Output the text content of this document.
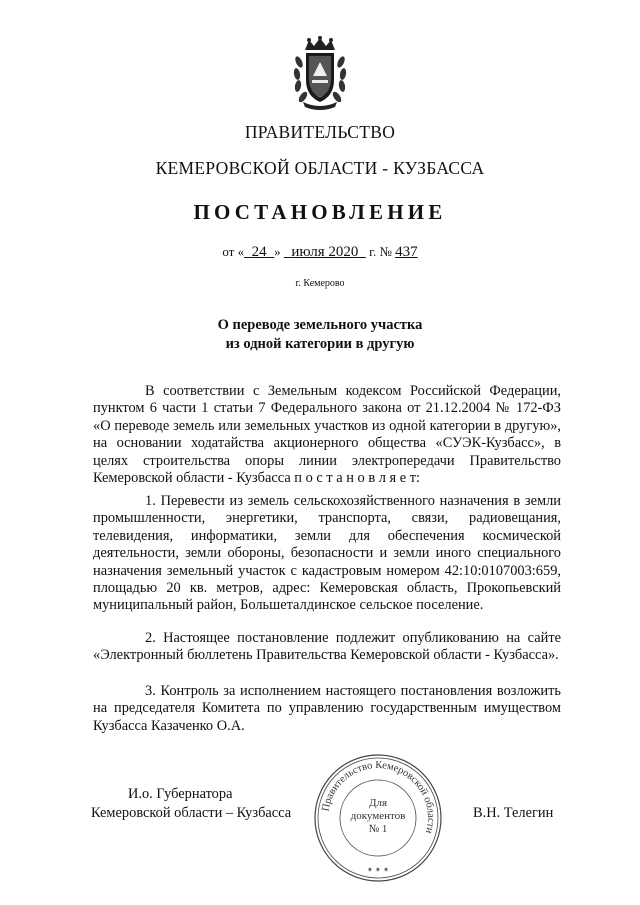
ПРАВИТЕЛЬСТВО
КЕМЕРОВСКОЙ ОБЛАСТИ - КУЗБАССА
ПОСТАНОВЛЕНИЕ
от « 24 » июля 2020 г. № 437
г. Кемерово
О переводе земельного участка
из одной категории в другую

В соответствии с Земельным кодексом Российской Федерации, пунктом 6 части 1 статьи 7 Федерального закона от 21.12.2004 № 172-ФЗ «О переводе земель или земельных участков из одной категории в другую», на основании ходатайства акционерного общества «СУЭК-Кузбасс», в целях строительства опоры линии электропередачи Правительство Кемеровской области - Кузбасса п о с т а н о в л я е т:

1. Перевести из земель сельскохозяйственного назначения в земли промышленности, энергетики, транспорта, связи, радиовещания, телевидения, информатики, земли для обеспечения космической деятельности, земли обороны, безопасности и земли иного специального назначения земельный участок с кадастровым номером 42:10:0107003:659, площадью 20 кв. метров, адрес: Кемеровская область, Прокопьевский муниципальный район, Большеталдинское сельское поселение.

2. Настоящее постановление подлежит опубликованию на сайте «Электронный бюллетень Правительства Кемеровской области - Кузбасса».

3. Контроль за исполнением настоящего постановления возложить на председателя Комитета по управлению государственным имуществом Кузбасса Казаченко О.А.

И.о. Губернатора
Кемеровской области – Кузбасса	В.Н. Телегин
Правительство Кемеровской области
Для
документов
№ 1
✶ ✶ ✶
